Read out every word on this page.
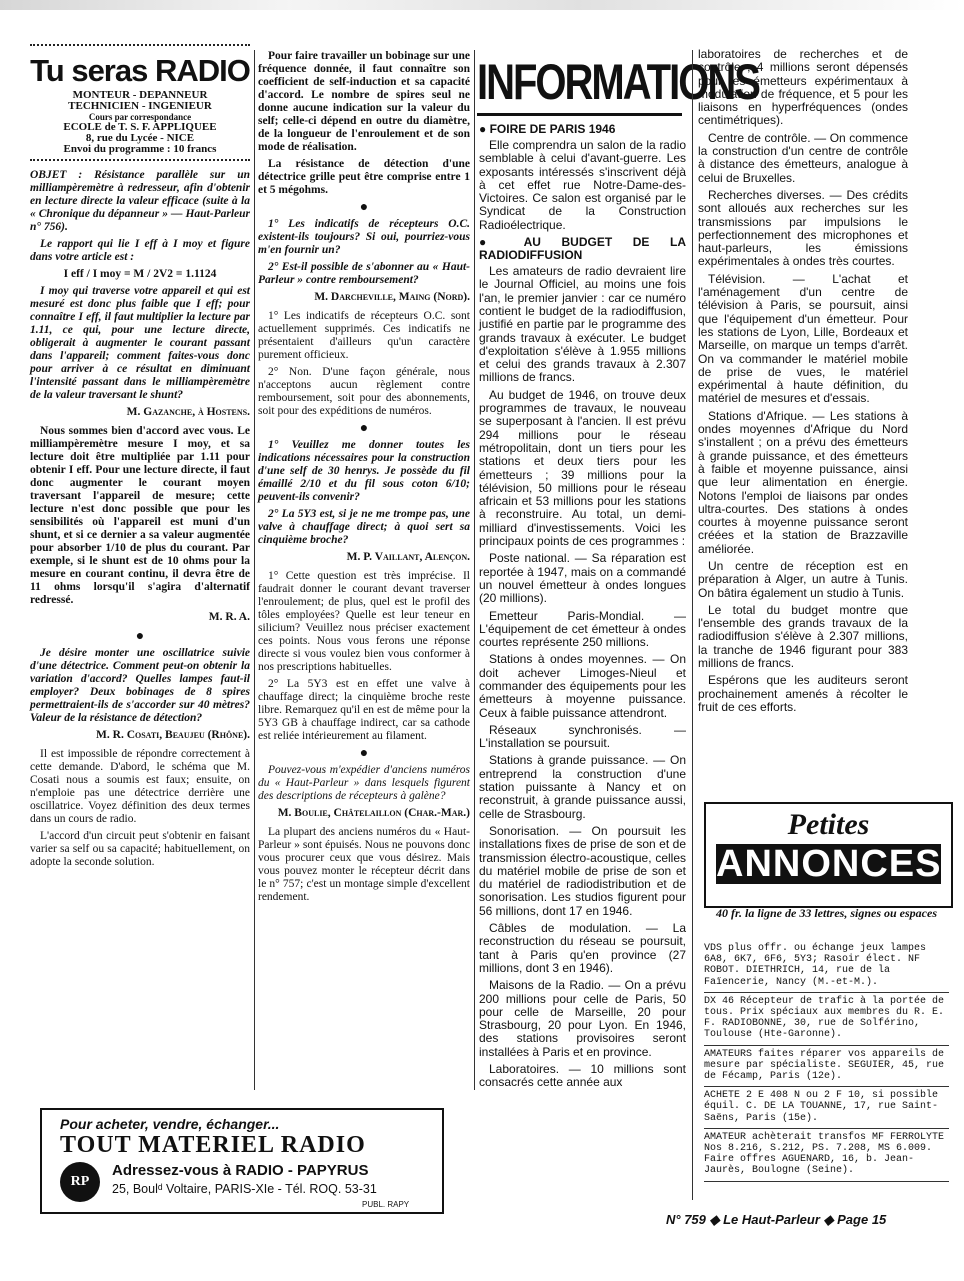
Tu seras RADIO
MONTEUR - DEPANNEUR
TECHNICIEN - INGENIEUR
Cours par correspondance
ECOLE de T. S. F. APPLIQUEE
8, rue du Lycée - NICE
Envoi du programme : 10 francs

OBJET : Résistance parallèle sur un milliampèremètre à redresseur, afin d'obtenir en lecture directe la valeur efficace (suite à la « Chronique du dépanneur » — Haut-Parleur n° 756).

Le rapport qui lie I eff à I moy et figure dans votre article est :

I eff / I moy = M / 2V2 = 1.1124

I moy qui traverse votre appareil et qui est mesuré est donc plus faible que I eff; pour connaître I eff, il faut multiplier la lecture par 1.11, ce qui, pour une lecture directe, obligerait à augmenter le courant passant dans l'appareil; comment faites-vous donc pour arriver à ce résultat en diminuant l'intensité passant dans le milliampèremètre de la valeur traversant le shunt?

M. Gazanche, à Hostens.

Nous sommes bien d'accord avec vous. Le milliampèremètre mesure I moy, et sa lecture doit être multipliée par 1.11 pour obtenir I eff. Pour une lecture directe, il faut donc augmenter le courant moyen traversant l'appareil de mesure; cette lecture n'est donc possible que pour les sensibilités où l'appareil est muni d'un shunt, et si ce dernier a sa valeur augmentée pour absorber 1/10 de plus du courant. Par exemple, si le shunt est de 10 ohms pour la mesure en courant continu, il devra être de 11 ohms lorsqu'il s'agira d'alternatif redressé.

M. R. A.
●

Je désire monter une oscillatrice suivie d'une détectrice. Comment peut-on obtenir la variation d'accord? Quelles lampes faut-il employer? Deux bobinages de 8 spires permettraient-ils de s'accorder sur 40 mètres? Valeur de la résistance de détection?

M. R. Cosati, Beaujeu (Rhône).

Il est impossible de répondre correctement à cette demande. D'abord, le schéma que M. Cosati nous a soumis est faux; ensuite, on n'emploie pas une détectrice derrière une oscillatrice. Voyez définition des deux termes dans un cours de radio.

L'accord d'un circuit peut s'obtenir en faisant varier sa self ou sa capacité; habituellement, on adopte la seconde solution.

Pour faire travailler un bobinage sur une fréquence donnée, il faut connaître son coefficient de self-induction et sa capacité d'accord. Le nombre de spires seul ne donne aucune indication sur la valeur du self; celle-ci dépend en outre du diamètre, de la longueur de l'enroulement et de son mode de réalisation.

La résistance de détection d'une détectrice grille peut être comprise entre 1 et 5 mégohms.

●

1° Les indicatifs de récepteurs O.C. existent-ils toujours? Si oui, pourriez-vous m'en fournir un?

2° Est-il possible de s'abonner au « Haut-Parleur » contre remboursement?

M. Darcheville, Maing (Nord).

1° Les indicatifs de récepteurs O.C. sont actuellement supprimés. Ces indicatifs ne présentaient d'ailleurs qu'un caractère purement officieux.

2° Non. D'une façon générale, nous n'acceptons aucun règlement contre remboursement, soit pour des abonnements, soit pour des expéditions de numéros.

●

1° Veuillez me donner toutes les indications nécessaires pour la construction d'une self de 30 henrys. Je possède du fil émaillé 2/10 et du fil sous coton 6/10; peuvent-ils convenir?

2° La 5Y3 est, si je ne me trompe pas, une valve à chauffage direct; à quoi sert sa cinquième broche?

M. P. Vaillant, Alençon.

1° Cette question est très imprécise. Il faudrait donner le courant devant traverser l'enroulement; de plus, quel est le profil des tôles employées? Quelle est leur teneur en silicium? Veuillez nous préciser exactement ces points. Nous vous ferons une réponse directe si vous voulez bien vous conformer à nos prescriptions habituelles.

2° La 5Y3 est en effet une valve à chauffage direct; la cinquième broche reste libre. Remarquez qu'il en est de même pour la 5Y3 GB à chauffage indirect, car sa cathode est reliée intérieurement au filament.

●

Pouvez-vous m'expédier d'anciens numéros du « Haut-Parleur » dans lesquels figurent des descriptions de récepteurs à galène?

M. Boulie, Châtelaillon (Char.-Mar.)

La plupart des anciens numéros du « Haut-Parleur » sont épuisés. Nous ne pouvons donc vous procurer ceux que vous désirez. Mais vous pouvez monter le récepteur décrit dans le n° 757; c'est un montage simple d'excellent rendement.

INFORMATIONS
● FOIRE DE PARIS 1946

Elle comprendra un salon de la radio semblable à celui d'avant-guerre. Les exposants intéressés s'inscrivent déjà à cet effet rue Notre-Dame-des-Victoires. Ce salon est organisé par le Syndicat de la Construction Radioélectrique.

● AU BUDGET DE LA RADIODIFFUSION

Les amateurs de radio devraient lire le Journal Officiel, au moins une fois l'an, le premier janvier : car ce numéro contient le budget de la radiodiffusion, justifié en partie par le programme des grands travaux à exécuter. Le budget d'exploitation s'élève à 1.955 millions et celui des grands travaux à 2.307 millions de francs.

Au budget de 1946, on trouve deux programmes de travaux, le nouveau se superposant à l'ancien. Il est prévu 294 millions pour le réseau métropolitain, dont un tiers pour les stations et deux tiers pour les émetteurs ; 39 millions pour la télévision, 50 millions pour le réseau africain et 53 millions pour les stations à reconstruire. Au total, un demi-milliard d'investissements. Voici les principaux points de ces programmes :

Poste national. — Sa réparation est reportée à 1947, mais on a commandé un nouvel émetteur à ondes longues (20 millions).

Emetteur Paris-Mondial. — L'équipement de cet émetteur à ondes courtes représente 250 millions.

Stations à ondes moyennes. — On doit achever Limoges-Nieul et commander des équipements pour les émetteurs à moyenne puissance. Ceux à faible puissance attendront.

Réseaux synchronisés. — L'installation se poursuit.

Stations à grande puissance. — On entreprend la construction d'une station puissante à Nancy et on reconstruit, à grande puissance aussi, celle de Strasbourg.

Sonorisation. — On poursuit les installations fixes de prise de son et de transmission électro-acoustique, celles du matériel mobile de prise de son et du matériel de radiodistribution et de sonorisation. Les studios figurent pour 56 millions, dont 17 en 1946.

Câbles de modulation. — La reconstruction du réseau se poursuit, tant à Paris qu'en province (27 millions, dont 3 en 1946).

Maisons de la Radio. — On a prévu 200 millions pour celle de Paris, 50 pour celle de Marseille, 20 pour Strasbourg, 20 pour Lyon. En 1946, des stations provisoires seront installées à Paris et en province.

Laboratoires. — 10 millions sont consacrés cette année aux

laboratoires de recherches et de contrôle ; 4 millions seront dépensés pour les émetteurs expérimentaux à modulation de fréquence, et 5 pour les liaisons en hyperfréquences (ondes centimétriques).

Centre de contrôle. — On commence la construction d'un centre de contrôle à distance des émetteurs, analogue à celui de Bruxelles.

Recherches diverses. — Des crédits sont alloués aux recherches sur les transmissions par impulsions le perfectionnement des microphones et haut-parleurs, les émissions expérimentales à ondes très courtes.

Télévision. — L'achat et l'aménagement d'un centre de télévision à Paris, se poursuit, ainsi que l'équipement d'un émetteur. Pour les stations de Lyon, Lille, Bordeaux et Marseille, on marque un temps d'arrêt. On va commander le matériel mobile de prise de vues, le matériel expérimental à haute définition, du matériel de mesures et d'essais.

Stations d'Afrique. — Les stations à ondes moyennes d'Afrique du Nord s'installent ; on a prévu des émetteurs à grande puissance, et des émetteurs à faible et moyenne puissance, ainsi que leur alimentation en énergie. Notons l'emploi de liaisons par ondes ultra-courtes. Des stations à ondes courtes à moyenne puissance seront créées et la station de Brazzaville améliorée.

Un centre de réception est en préparation à Alger, un autre à Tunis. On bâtira également un studio à Tunis.

Le total du budget montre que l'ensemble des grands travaux de la radiodiffusion s'élève à 2.307 millions, la tranche de 1946 figurant pour 383 millions de francs.

Espérons que les auditeurs seront prochainement amenés à récolter le fruit de ces efforts.

Petites
ANNONCES
40 fr. la ligne de 33 lettres, signes ou espaces
VDS plus offr. ou échange jeux lampes 6A8, 6K7, 6F6, 5Y3; Rasoir élect. NF ROBOT. DIETHRICH, 14, rue de la Faïencerie, Nancy (M.-et-M.).
DX 46 Récepteur de trafic à la portée de tous. Prix spéciaux aux membres du R. E. F. RADIOBONNE, 30, rue de Solférino, Toulouse (Hte-Garonne).
AMATEURS faites réparer vos appareils de mesure par spécialiste. SEGUIER, 45, rue de Fécamp, Paris (12e).
ACHETE 2 E 408 N ou 2 F 10, si possible équil. C. DE LA TOUANNE, 17, rue Saint-Saëns, Paris (15e).
AMATEUR achèterait transfos MF FERROLYTE Nos 8.216, S.212, PS. 7.208, MS 6.009. Faire offres AGUENARD, 16, b. Jean-Jaurès, Boulogne (Seine).
Pour acheter, vendre, échanger...
TOUT MATERIEL RADIO
RP
Adressez-vous à RADIO - PAPYRUS
25, Boulᵈ Voltaire, PARIS-XIe - Tél. ROQ. 53-31
PUBL. RAPY
N° 759 ◆ Le Haut-Parleur ◆ Page 15
